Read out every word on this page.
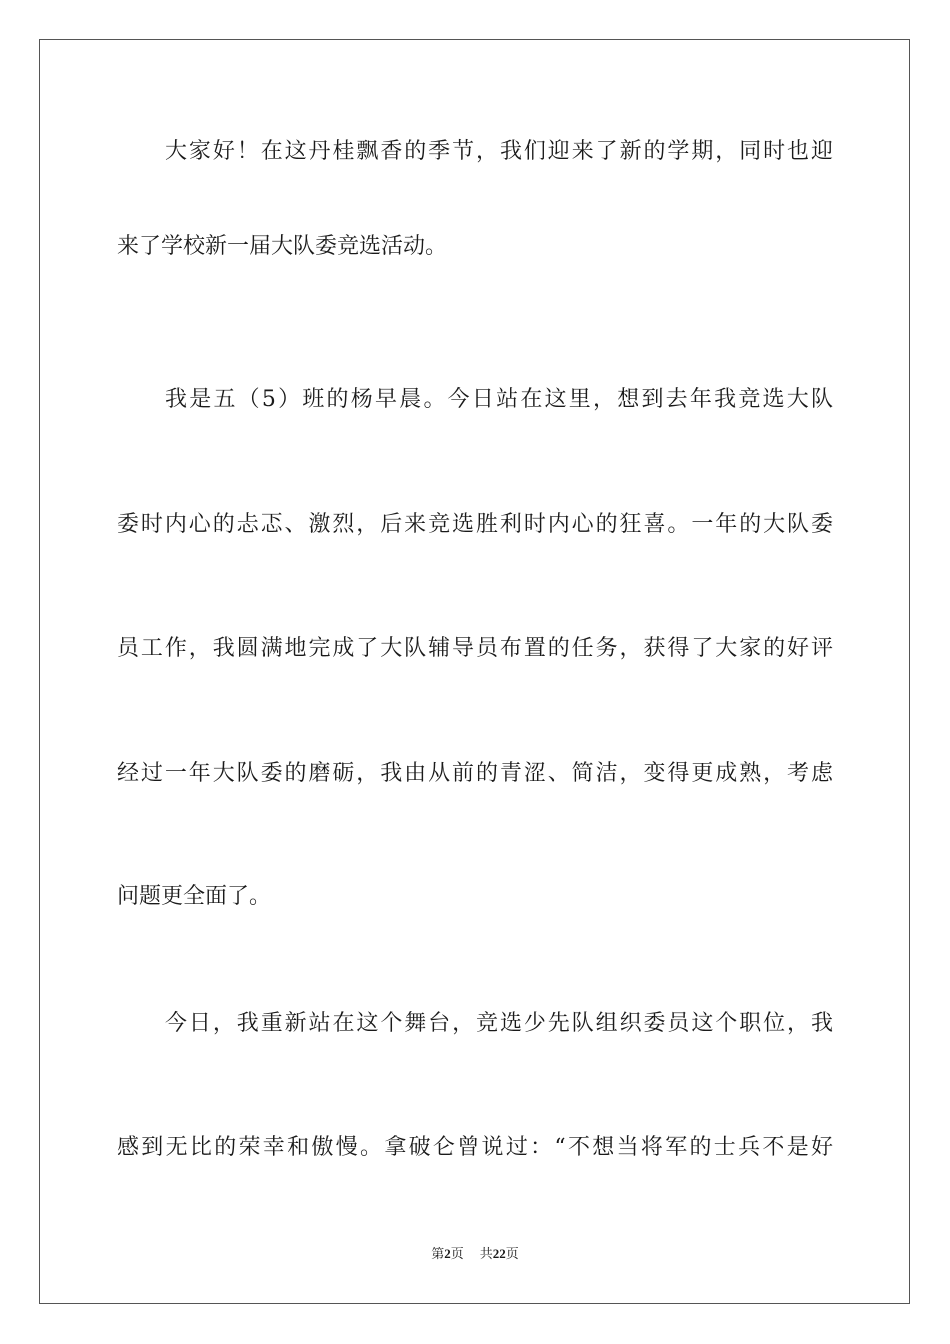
大家好！在这丹桂飘香的季节，我们迎来了新的学期，同时也迎
来了学校新一届大队委竞选活动。
我是五（5）班的杨早晨。今日站在这里，想到去年我竞选大队
委时内心的忐忑、激烈，后来竞选胜利时内心的狂喜。一年的大队委
员工作，我圆满地完成了大队辅导员布置的任务，获得了大家的好评
经过一年大队委的磨砺，我由从前的青涩、简洁，变得更成熟，考虑
问题更全面了。
今日，我重新站在这个舞台，竞选少先队组织委员这个职位，我
感到无比的荣幸和傲慢。拿破仑曾说过：“不想当将军的士兵不是好
第2页 共22页
